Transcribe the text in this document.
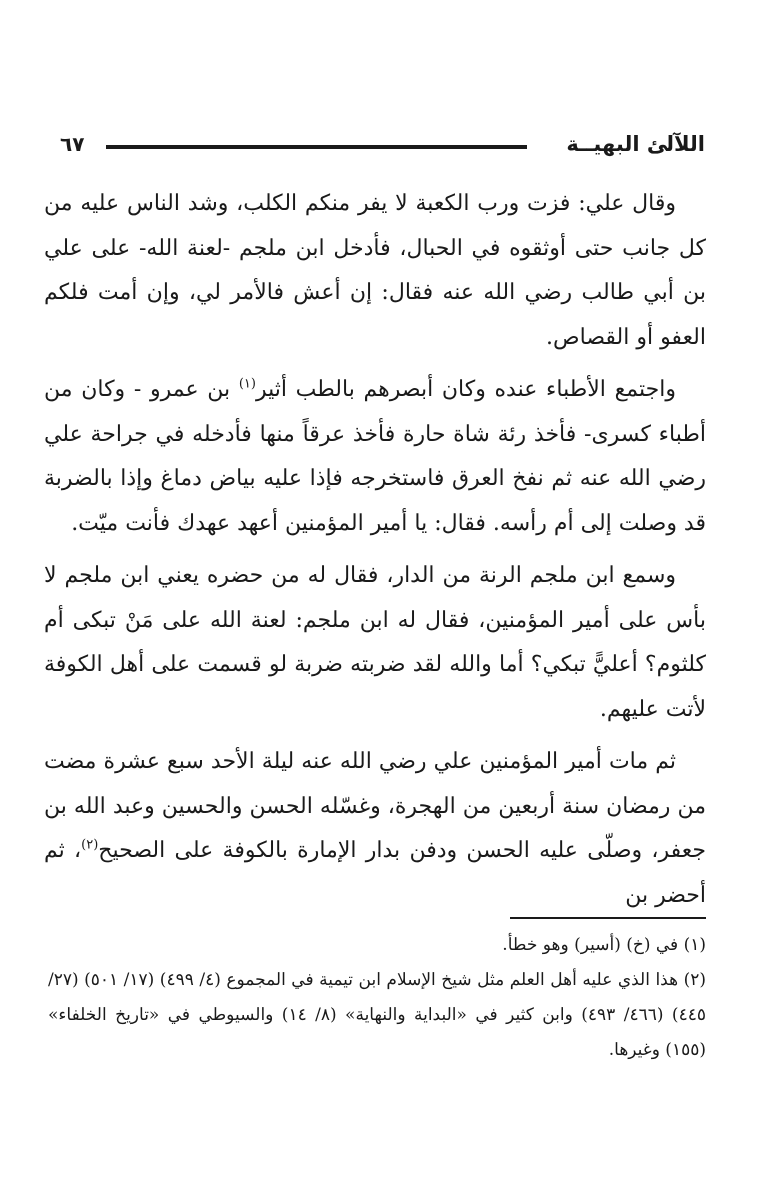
اللآلئ البهيــة
٦٧

وقال علي: فزت ورب الكعبة لا يفر منكم الكلب، وشد الناس عليه من كل جانب حتى أوثقوه في الحبال، فأدخل ابن ملجم -لعنة الله- على علي بن أبي طالب رضي الله عنه فقال: إن أعش فالأمر لي، وإن أمت فلكم العفو أو القصاص.

واجتمع الأطباء عنده وكان أبصرهم بالطب أثير$^{(١)}$ بن عمرو - وكان من أطباء كسرى- فأخذ رئة شاة حارة فأخذ عرقاً منها فأدخله في جراحة علي رضي الله عنه ثم نفخ العرق فاستخرجه فإذا عليه بياض دماغ وإذا بالضربة قد وصلت إلى أم رأسه. فقال: يا أمير المؤمنين أعهد عهدك فأنت ميّت.

وسمع ابن ملجم الرنة من الدار، فقال له من حضره يعني ابن ملجم لا بأس على أمير المؤمنين، فقال له ابن ملجم: لعنة الله على مَنْ تبكى أم كلثوم؟ أعليًّ تبكي؟ أما والله لقد ضربته ضربة لو قسمت على أهل الكوفة لأتت عليهم.

ثم مات أمير المؤمنين علي رضي الله عنه ليلة الأحد سبع عشرة مضت من رمضان سنة أربعين من الهجرة، وغسّله الحسن والحسين وعبد الله بن جعفر، وصلّى عليه الحسن ودفن بدار الإمارة بالكوفة على الصحيح$^{(٢)}$، ثم أحضر بن

(١) في (خ) (أسير) وهو خطأ.

(٢) هذا الذي عليه أهل العلم مثل شيخ الإسلام ابن تيمية في المجموع (٤/ ٤٩٩) (١٧/ ٥٠١) (٢٧/ ٤٤٥) (٤٦٦/ ٤٩٣) وابن كثير في «البداية والنهاية» (٨/ ١٤) والسيوطي في «تاريخ الخلفاء» (١٥٥) وغيرها.
